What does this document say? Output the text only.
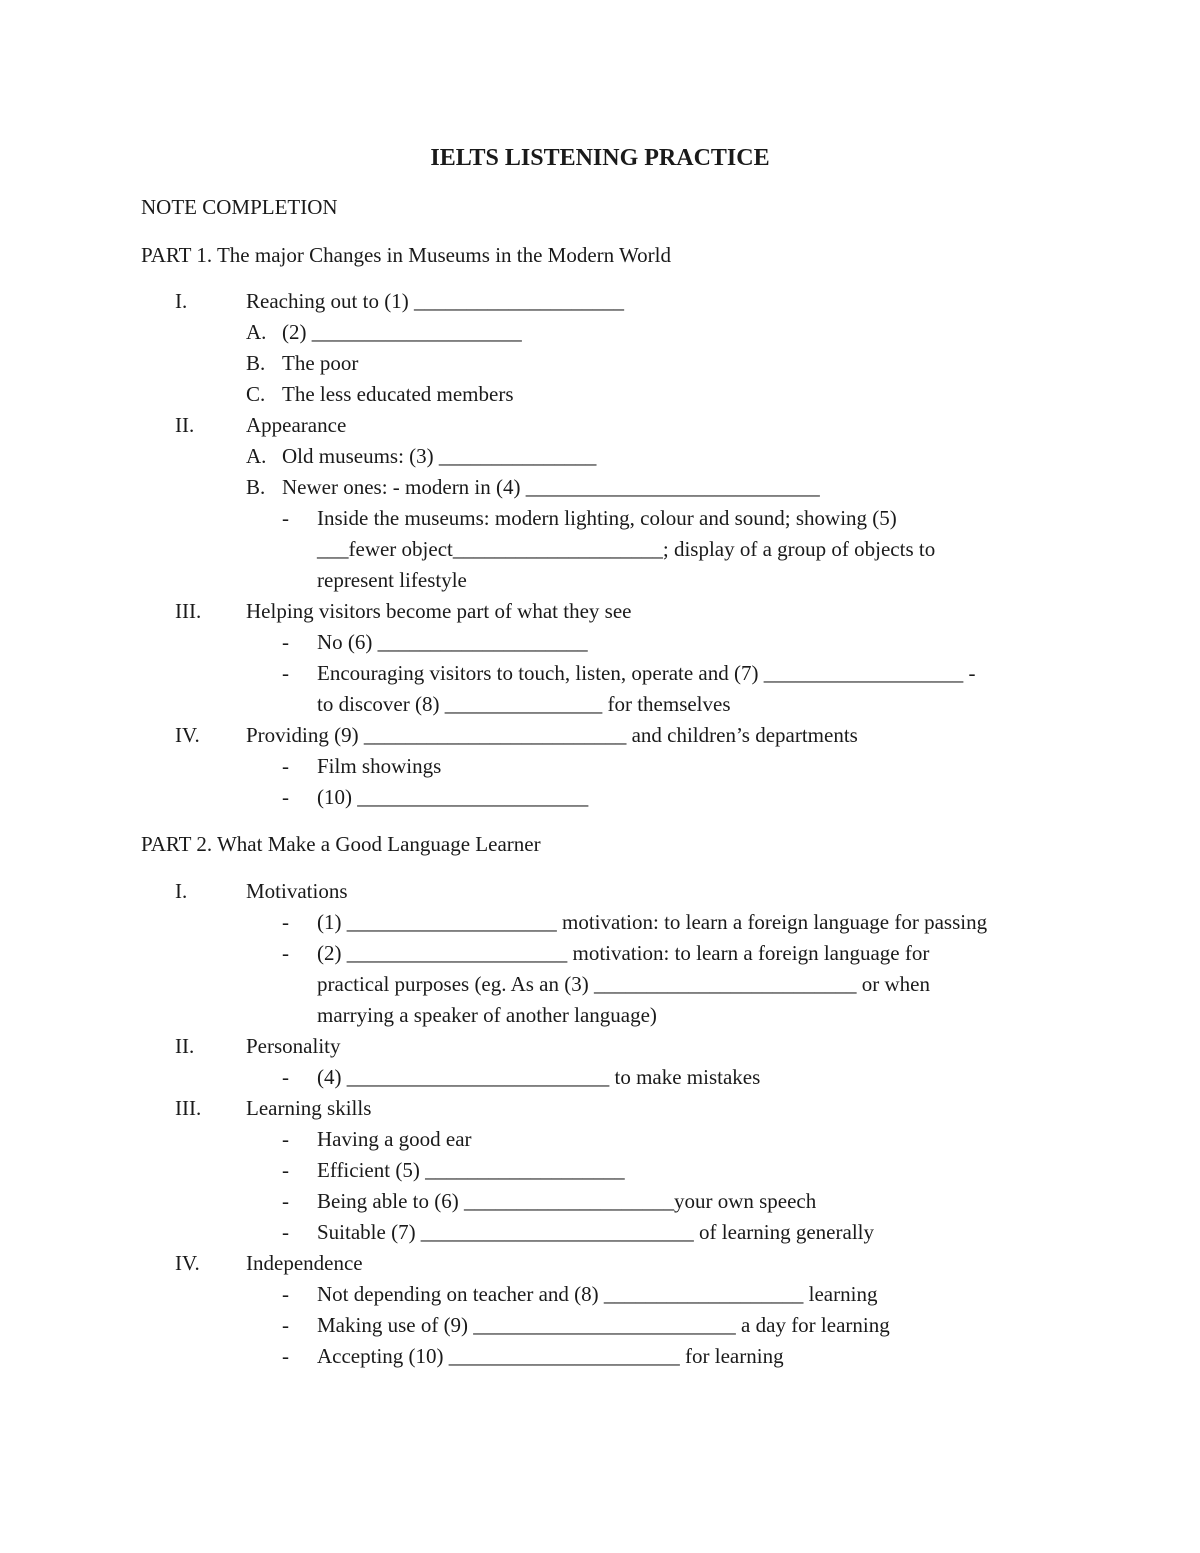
IELTS LISTENING PRACTICE
NOTE COMPLETION
PART 1. The major Changes in Museums in the Modern World
I.	Reaching out to (1) ____________________
A. (2) ____________________
B. The poor
C. The less educated members
II. Appearance
A. Old museums: (3) _______________
B. Newer ones: - modern in (4) ____________________________
- Inside the museums: modern lighting, colour and sound; showing (5)
___fewer object____________________; display of a group of objects to
represent lifestyle
III. Helping visitors become part of what they see
- No (6) ____________________
- Encouraging visitors to touch, listen, operate and (7) ___________________ -
to discover (8) _______________ for themselves
IV. Providing (9) _________________________ and children’s departments
- Film showings
- (10) ______________________
PART 2. What Make a Good Language Learner
I.	Motivations
- (1) ____________________ motivation: to learn a foreign language for passing
- (2) _____________________ motivation: to learn a foreign language for
practical purposes (eg. As an (3) _________________________ or when
marrying a speaker of another language)
II. Personality
- (4) _________________________ to make mistakes
III. Learning skills
- Having a good ear
- Efficient (5) ___________________
- Being able to (6) ____________________your own speech
- Suitable (7) __________________________ of learning generally
IV. Independence
- Not depending on teacher and (8) ___________________ learning
- Making use of (9) _________________________ a day for learning
- Accepting (10) ______________________ for learning
